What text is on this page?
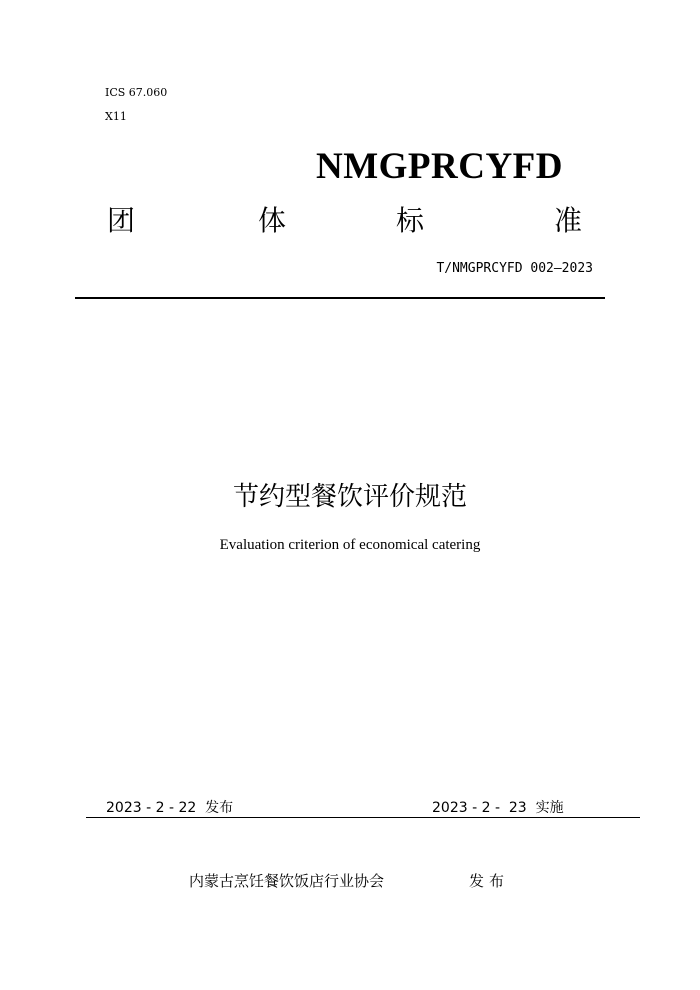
ICS 67.060
X11
NMGPRCYFD
团	体	标	准
T/NMGPRCYFD 002—2023
节约型餐饮评价规范
Evaluation criterion of economical catering
2023 - 2 - 22  发布	2023 - 2 -  23  实施
内蒙古烹饪餐饮饭店行业协会	发布
